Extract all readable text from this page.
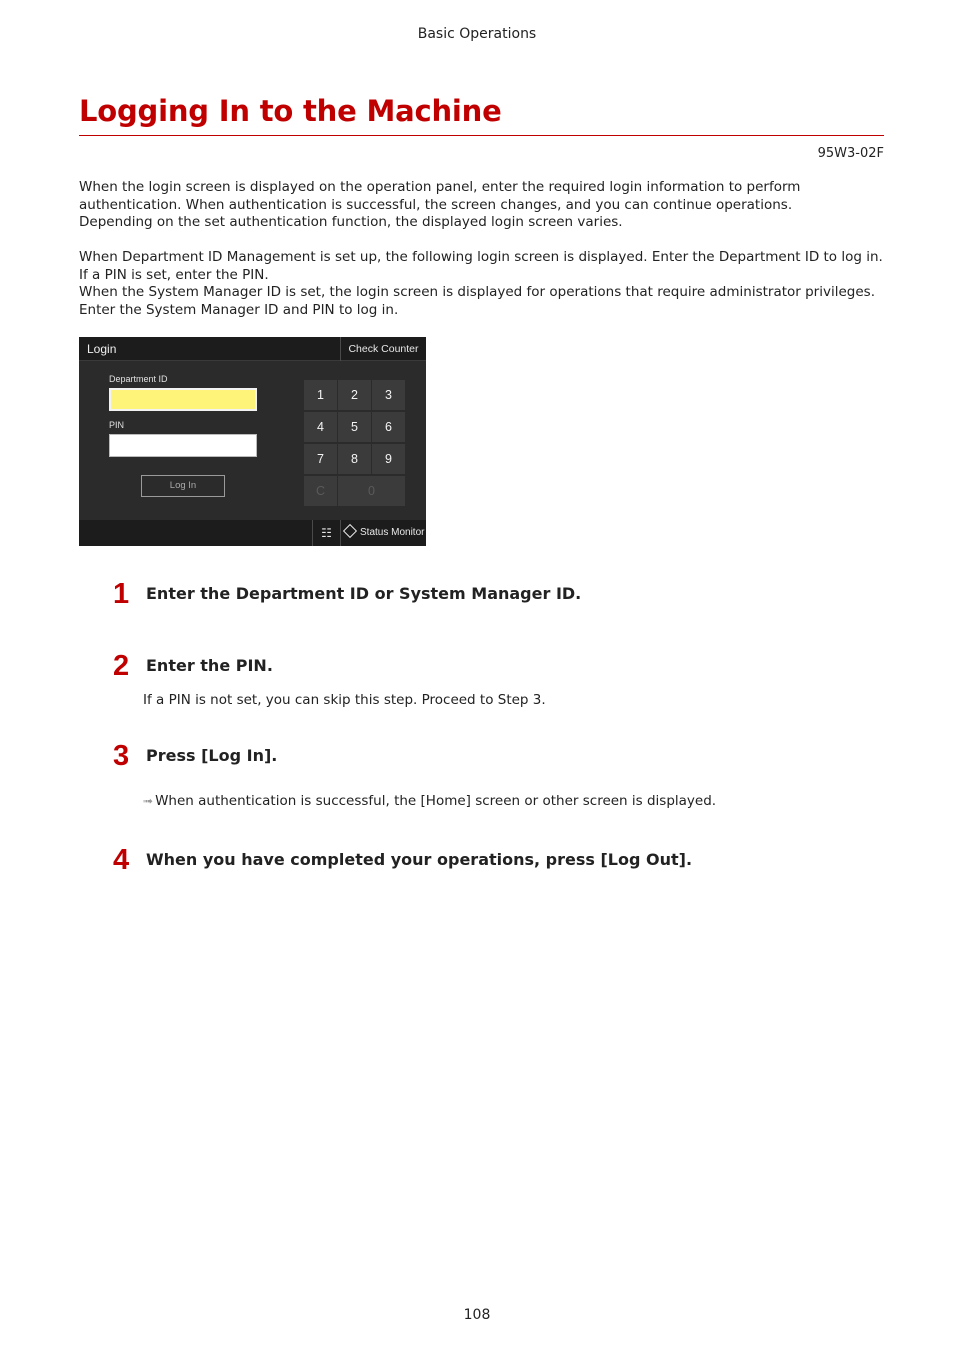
Basic Operations
Logging In to the Machine
95W3-02F
When the login screen is displayed on the operation panel, enter the required login information to perform
authentication. When authentication is successful, the screen changes, and you can continue operations.
Depending on the set authentication function, the displayed login screen varies.
When Department ID Management is set up, the following login screen is displayed. Enter the Department ID to log in.
If a PIN is set, enter the PIN.
When the System Manager ID is set, the login screen is displayed for operations that require administrator privileges.
Enter the System Manager ID and PIN to log in.
Login	Check Counter
Department ID
PIN
Log In
1	2	3
4	5	6
7	8	9
C	0
☷	Status Monitor
1 Enter the Department ID or System Manager ID.
2 Enter the PIN.
If a PIN is not set, you can skip this step. Proceed to Step 3.
3 Press [Log In].
➟ When authentication is successful, the [Home] screen or other screen is displayed.
4 When you have completed your operations, press [Log Out].
108
